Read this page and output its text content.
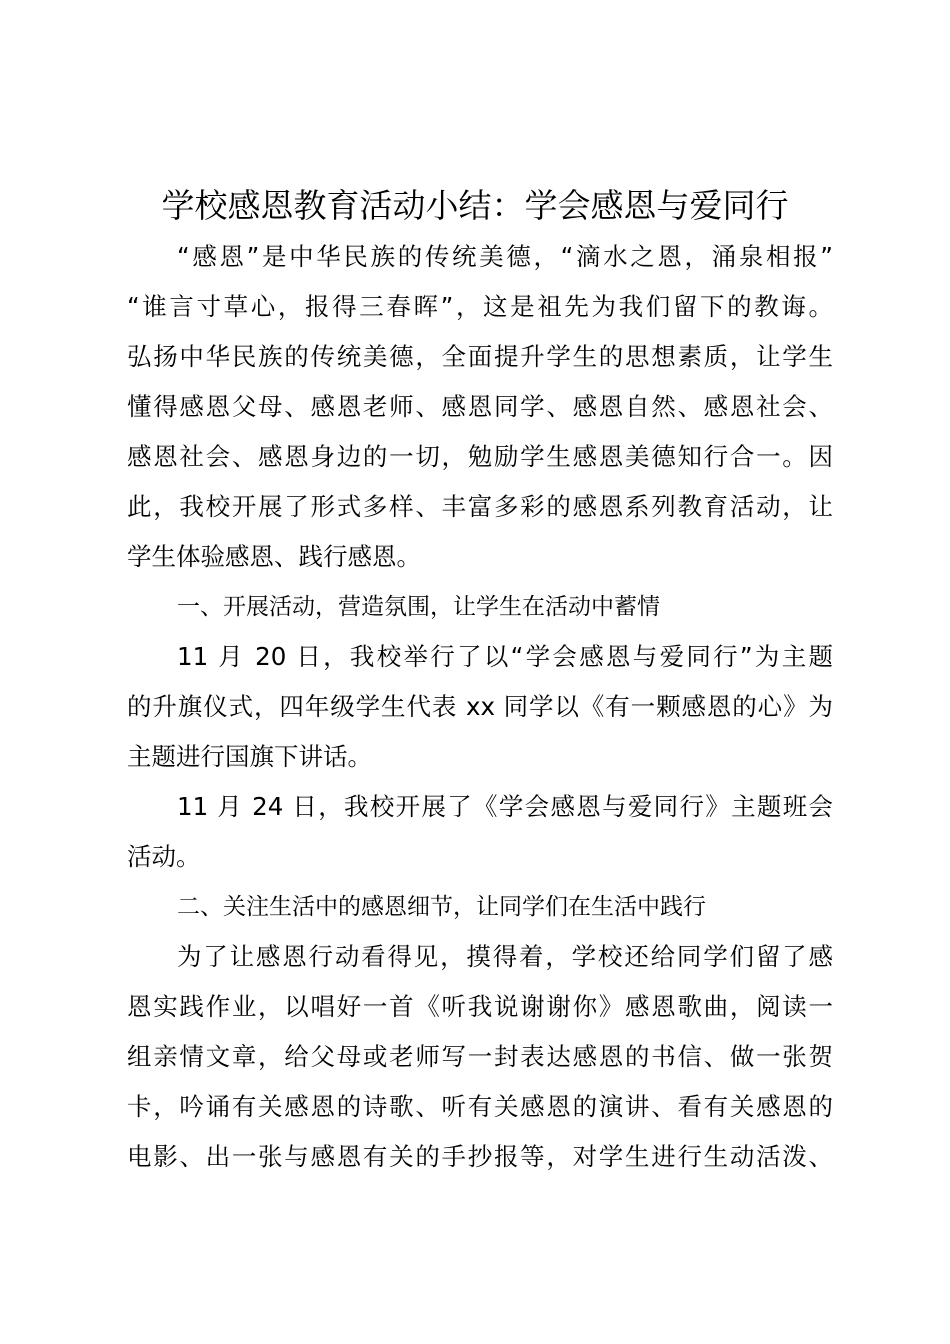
学校感恩教育活动小结：学会感恩与爱同行
“感恩”是中华民族的传统美德，“滴水之恩，涌泉相报”
“谁言寸草心，报得三春晖”，这是祖先为我们留下的教诲。
弘扬中华民族的传统美德，全面提升学生的思想素质，让学生
懂得感恩父母、感恩老师、感恩同学、感恩自然、感恩社会、
感恩社会、感恩身边的一切，勉励学生感恩美德知行合一。因
此，我校开展了形式多样、丰富多彩的感恩系列教育活动，让
学生体验感恩、践行感恩。
一、开展活动，营造氛围，让学生在活动中蓄情
11 月 20 日，我校举行了以“学会感恩与爱同行”为主题
的升旗仪式，四年级学生代表 xx 同学以《有一颗感恩的心》为
主题进行国旗下讲话。
11 月 24 日，我校开展了《学会感恩与爱同行》主题班会
活动。
二、关注生活中的感恩细节，让同学们在生活中践行
为了让感恩行动看得见，摸得着，学校还给同学们留了感
恩实践作业，以唱好一首《听我说谢谢你》感恩歌曲，阅读一
组亲情文章，给父母或老师写一封表达感恩的书信、做一张贺
卡，吟诵有关感恩的诗歌、听有关感恩的演讲、看有关感恩的
电影、出一张与感恩有关的手抄报等，对学生进行生动活泼、
